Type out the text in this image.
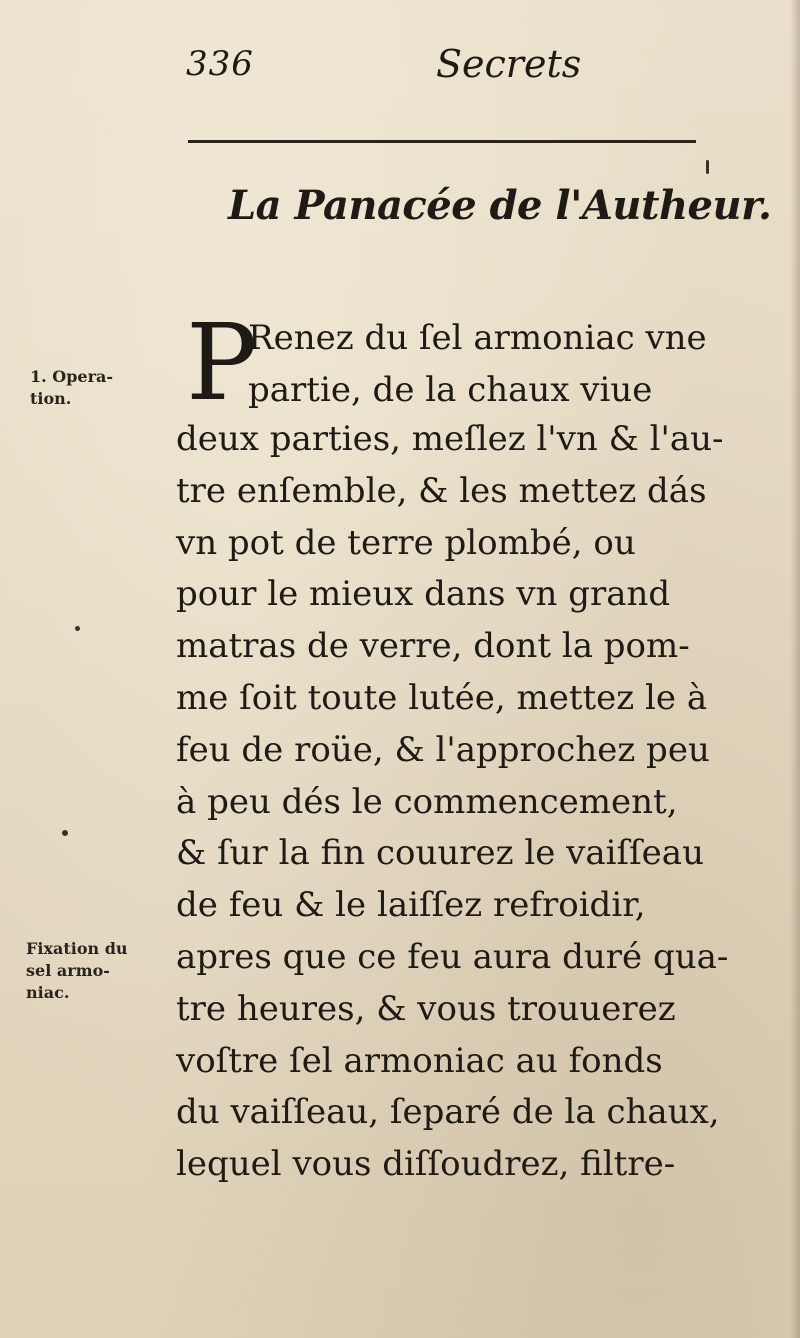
336	Secrets
La Panacée de l'Autheur.
1. Opera-
tion.
Fixation du
sel armo-
niac.
P
Renez du ſel armoniac vne
partie, de la chaux viue
deux parties, meſlez l'vn & l'au-
tre enſemble, & les mettez dás
vn pot de terre plombé, ou
pour le mieux dans vn grand
matras de verre, dont la pom-
me ſoit toute lutée, mettez le à
feu de roüe, & l'approchez peu
à peu dés le commencement,
& ſur la fin couurez le vaiſſeau
de feu & le laiſſez refroidir,
apres que ce feu aura duré qua-
tre heures, & vous trouuerez
voſtre ſel armoniac au fonds
du vaiſſeau, ſeparé de la chaux,
lequel vous diſſoudrez, filtre-
